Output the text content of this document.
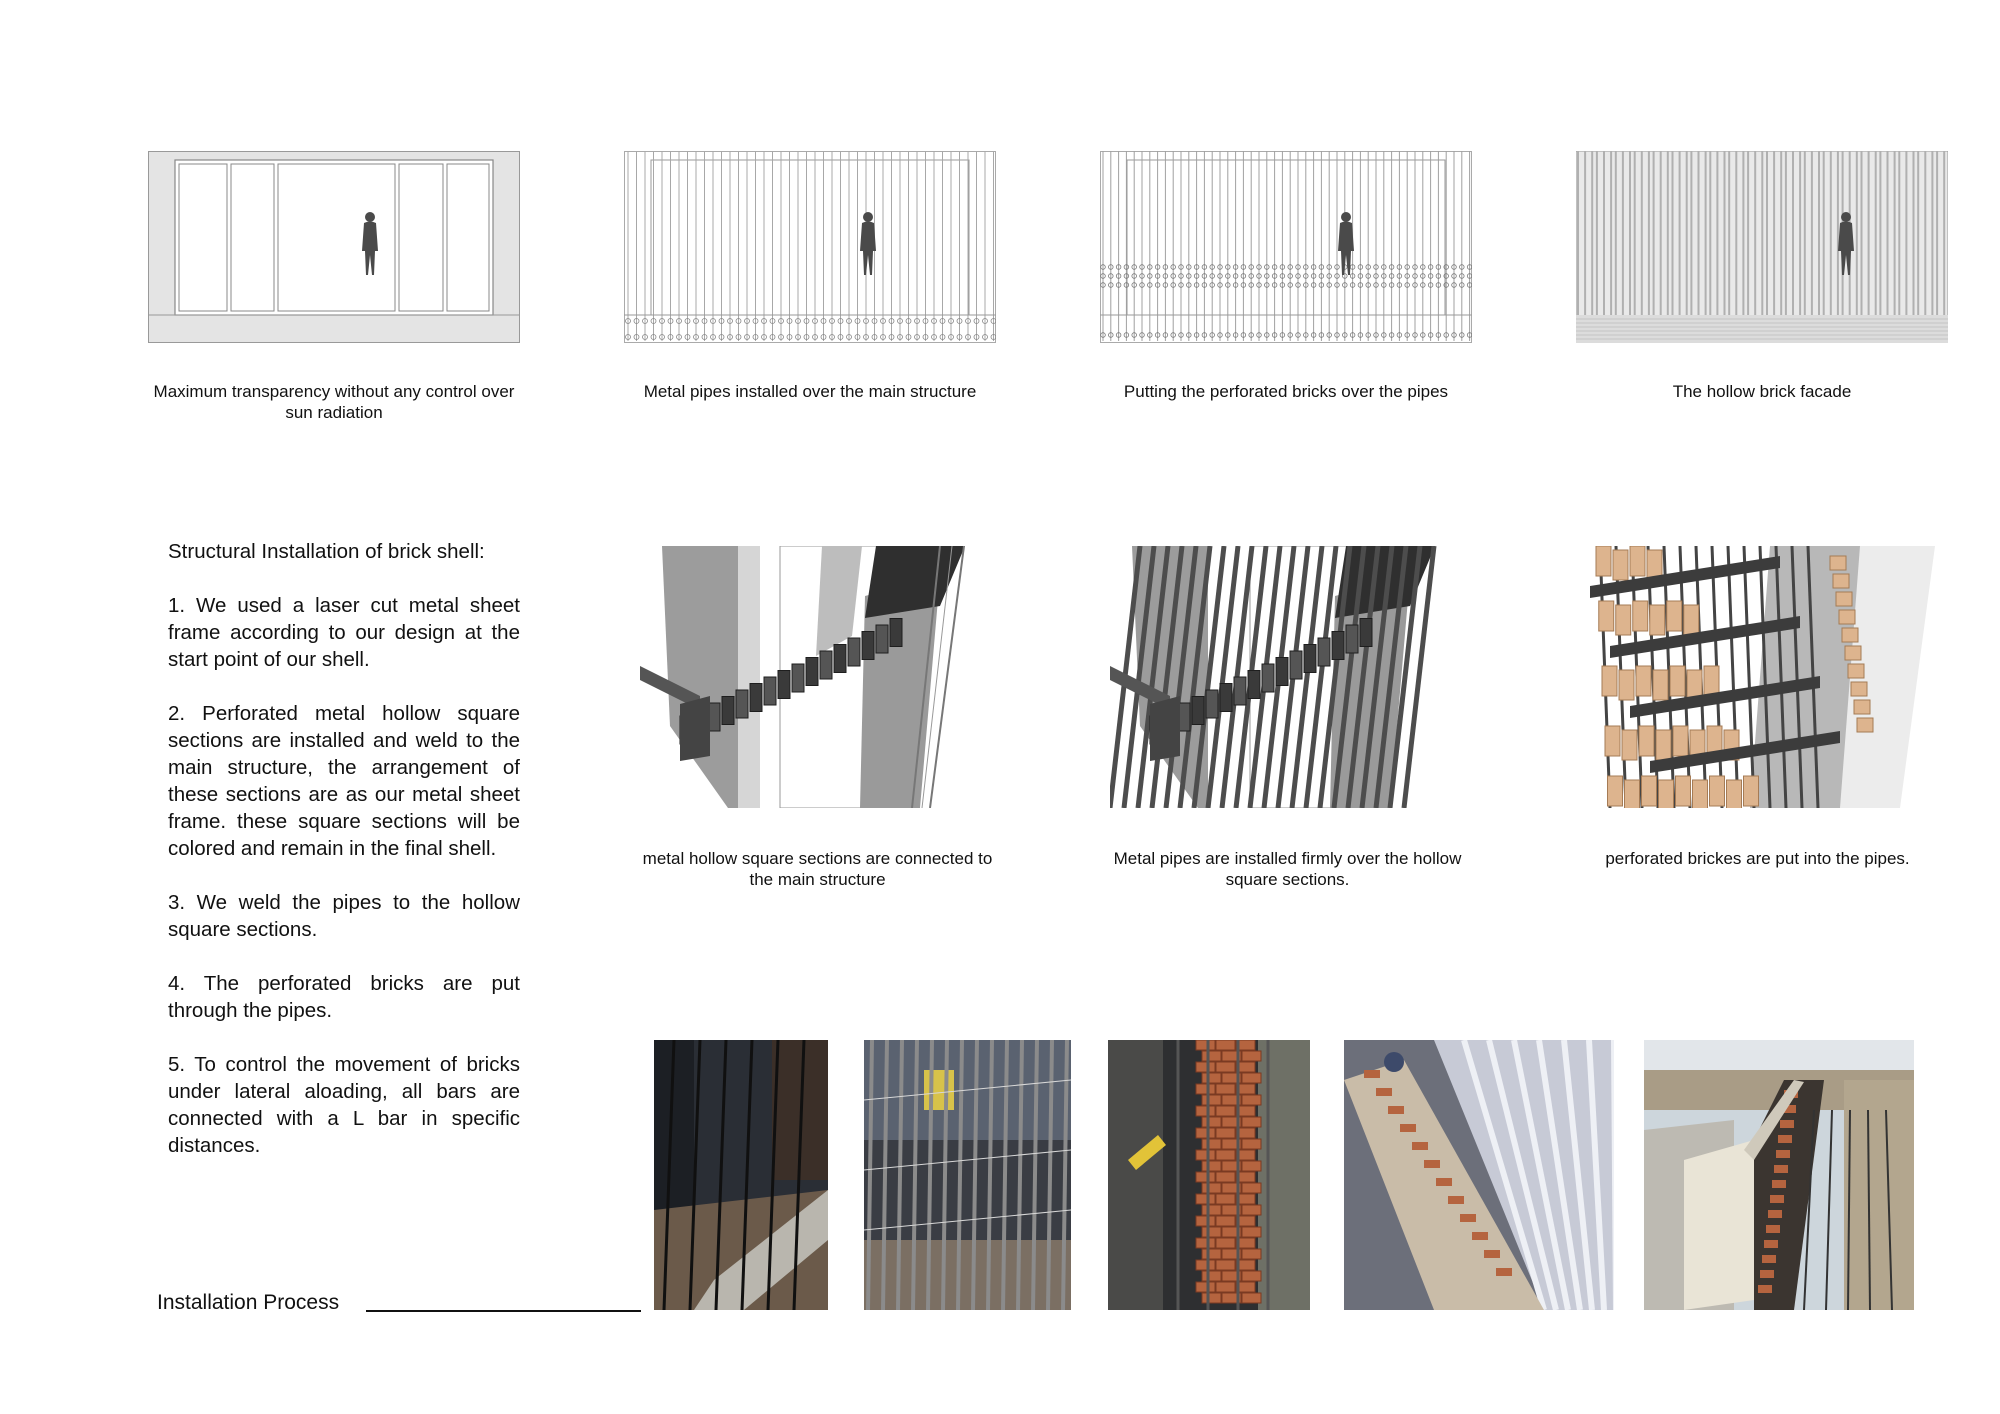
Maximum transparency without any control over sun radiation
Metal pipes installed over the main structure	Putting the perforated bricks over the pipes	The hollow brick facade

Structural Installation of brick shell:

1. We used a laser cut metal sheet frame according to our design at the start point of our shell.

2. Perforated metal hollow square sections are installed and weld to the main structure, the arrangement of these sections are as our metal sheet frame. these square sections will be colored and remain in the final shell.

3. We weld the pipes to the hollow square sections.

4. The perforated bricks are put through the pipes.

5. To control the movement of bricks under lateral aloading, all bars are connected with a L bar in specific distances.

metal hollow square sections are connected to the main structure
Metal pipes are installed firmly over the hollow square sections.
perforated brickes are put into the pipes.
Installation Process
